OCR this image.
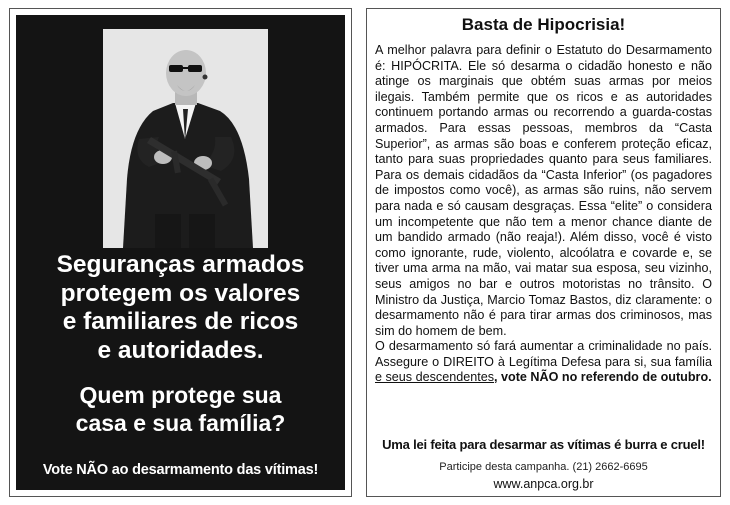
Seguranças armados
protegem os valores
e familiares de ricos
e autoridades.
Quem protege sua
casa e sua família?
Vote NÃO ao desarmamento das vítimas!
Basta de Hipocrisia!

A melhor palavra para definir o Estatuto do Desarmamento é: HIPÓCRITA. Ele só desarma o cidadão honesto e não atinge os marginais que obtém suas armas por meios ilegais. Também permite que os ricos e as autoridades continuem portando armas ou recorrendo a guarda-costas armados. Para essas pessoas, membros da “Casta Superior”, as armas são boas e conferem proteção eficaz, tanto para suas propriedades quanto para seus familiares. Para os demais cidadãos da “Casta Inferior” (os pagadores de impostos como você), as armas são ruins, não servem para nada e só causam desgraças. Essa “elite” o considera um incompetente que não tem a menor chance diante de um bandido armado (não reaja!). Além disso, você é visto como ignorante, rude, violento, alcoólatra e covarde e, se tiver uma arma na mão, vai matar sua esposa, seu vizinho, seus amigos no bar e outros motoristas no trânsito. O Ministro da Justiça, Marcio Tomaz Bastos, diz claramente: o desarmamento não é para tirar armas dos criminosos, mas sim do homem de bem.

O desarmamento só fará aumentar a criminalidade no país. Assegure o DIREITO à Legítima Defesa para si, sua família e seus descendentes, vote NÃO no referendo de outubro.

Uma lei feita para desarmar as vítimas é burra e cruel!
Participe desta campanha. (21) 2662-6695
www.anpca.org.br
